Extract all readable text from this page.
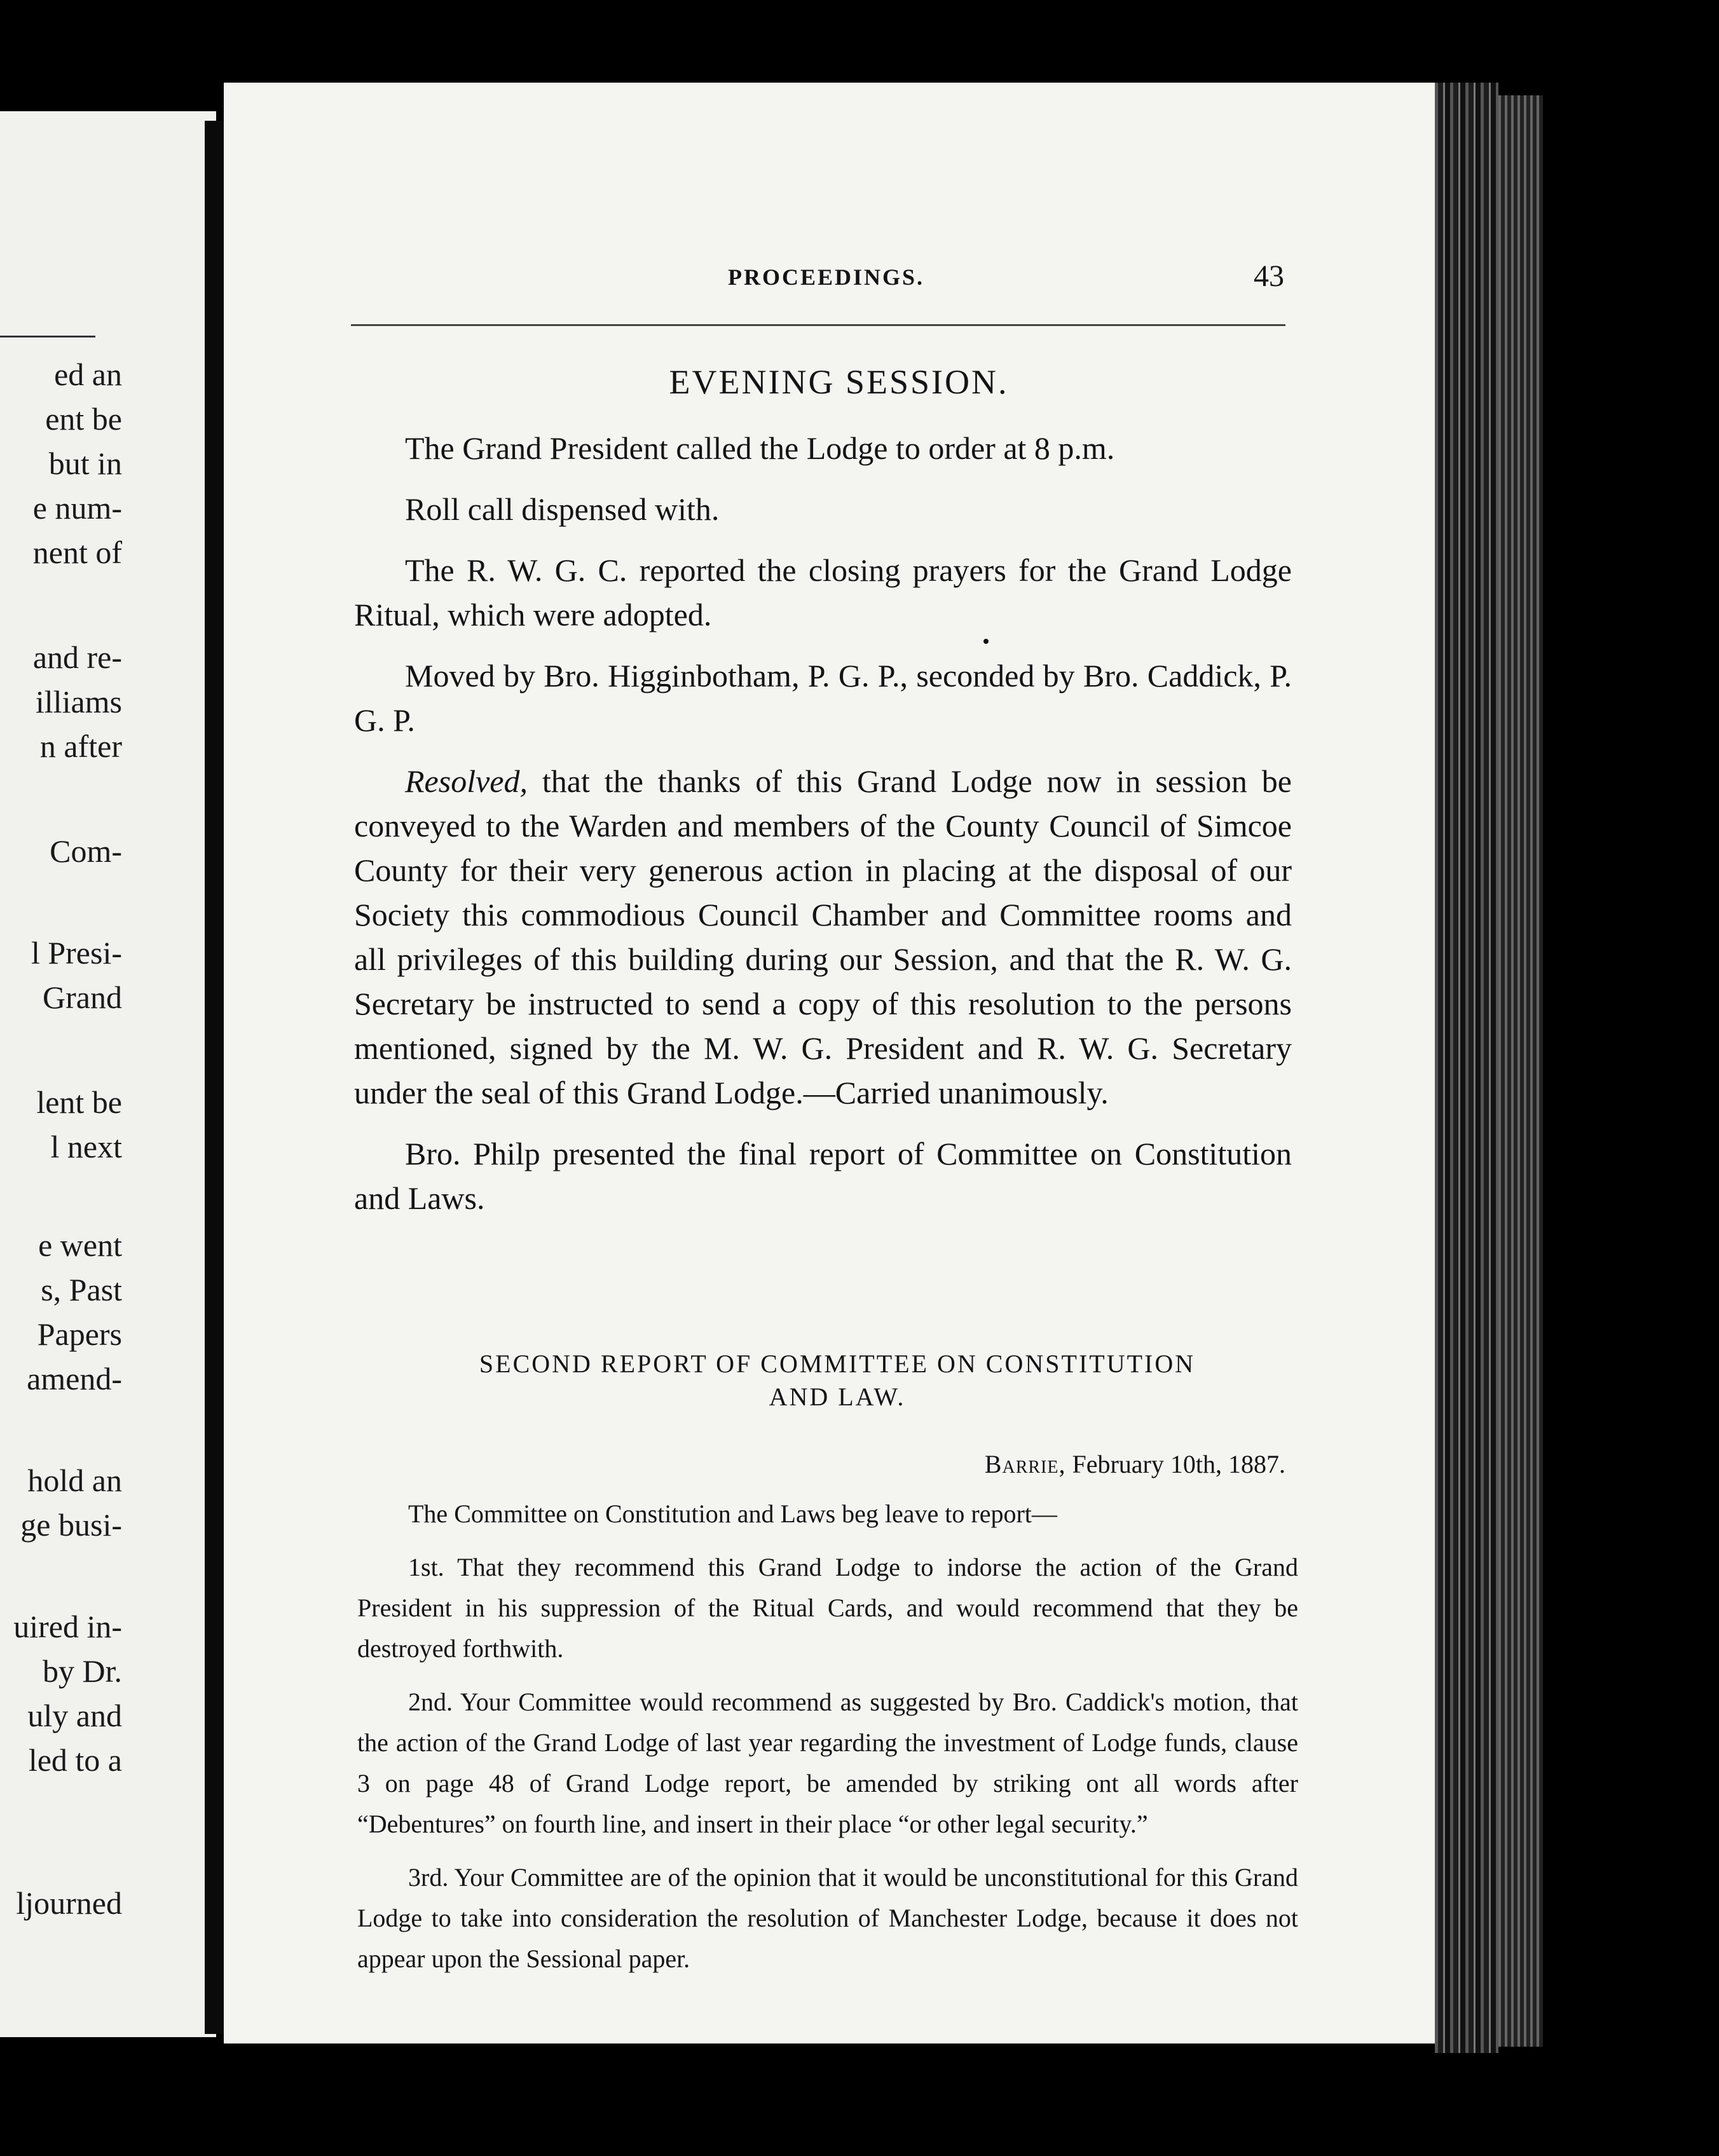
ed an
ent be
but in
e num-
nent of
and re-
illiams
n after
Com-
l Presi-
Grand
lent be
l next
e went
s, Past
Papers
amend-
hold an
ge busi-
uired in-
by Dr.
uly and
led to a
ljourned
PROCEEDINGS.	43
EVENING SESSION.

The Grand President called the Lodge to order at 8 p.m.

Roll call dispensed with.

The R. W. G. C. reported the closing prayers for the Grand Lodge Ritual, which were adopted.

Moved by Bro. Higginbotham, P. G. P., seconded by Bro. Caddick, P. G. P.

Resolved, that the thanks of this Grand Lodge now in session be conveyed to the Warden and members of the County Council of Simcoe County for their very generous action in placing at the disposal of our Society this commodious Council Chamber and Committee rooms and all privileges of this building during our Session, and that the R. W. G. Secretary be instructed to send a copy of this resolution to the persons mentioned, signed by the M. W. G. President and R. W. G. Secretary under the seal of this Grand Lodge.—Carried unanimously.

Bro. Philp presented the final report of Committee on Constitution and Laws.

SECOND REPORT OF COMMITTEE ON CONSTITUTION
AND LAW.
Barrie, February 10th, 1887.

The Committee on Constitution and Laws beg leave to report—

1st. That they recommend this Grand Lodge to indorse the action of the Grand President in his suppression of the Ritual Cards, and would recommend that they be destroyed forthwith.

2nd. Your Committee would recommend as suggested by Bro. Caddick's motion, that the action of the Grand Lodge of last year regarding the investment of Lodge funds, clause 3 on page 48 of Grand Lodge report, be amended by striking ont all words after “Debentures” on fourth line, and insert in their place “or other legal security.”

3rd. Your Committee are of the opinion that it would be unconstitutional for this Grand Lodge to take into consideration the resolution of Manchester Lodge, because it does not appear upon the Sessional paper.
